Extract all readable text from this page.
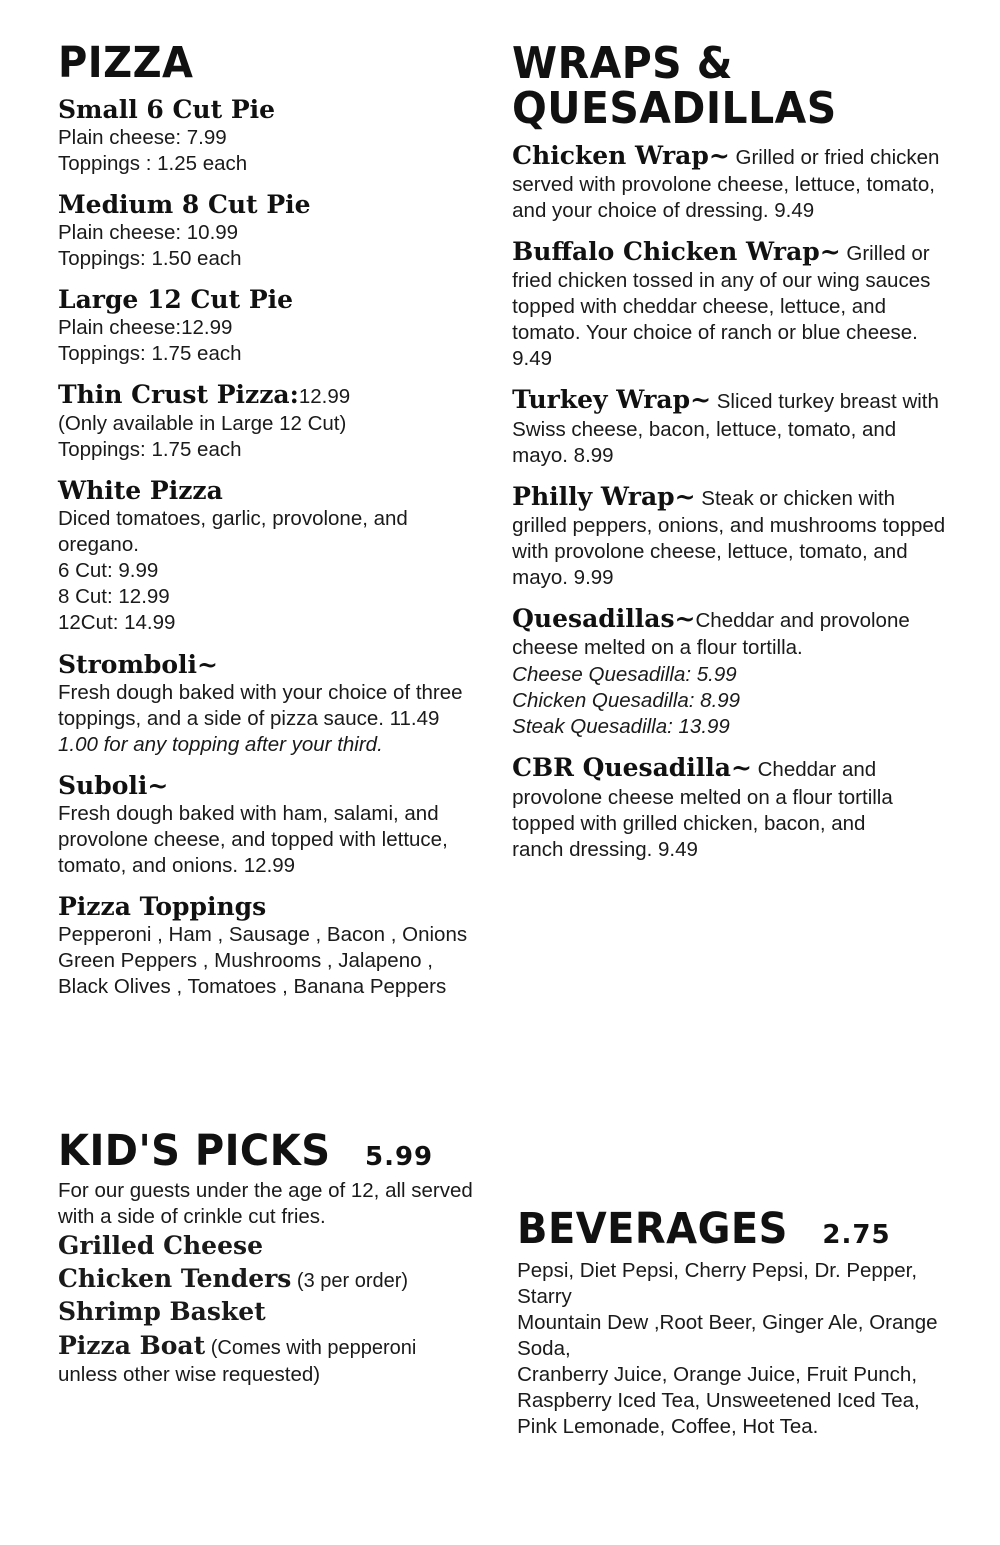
PIZZA
Small 6 Cut Pie
Plain cheese: 7.99
Toppings : 1.25 each
Medium 8 Cut Pie
Plain cheese: 10.99
Toppings: 1.50 each
Large 12 Cut Pie
Plain cheese:12.99
Toppings: 1.75 each
Thin Crust Pizza:12.99
(Only available in Large 12 Cut)
Toppings: 1.75 each
White Pizza
Diced tomatoes, garlic, provolone, and oregano.
6 Cut: 9.99
8 Cut: 12.99
12Cut: 14.99
Stromboli~
Fresh dough baked with your choice of three
toppings, and a side of pizza sauce. 11.49
1.00 for any topping after your third.
Suboli~
Fresh dough baked with ham, salami, and
provolone cheese, and topped with lettuce,
tomato, and onions. 12.99
Pizza Toppings
Pepperoni , Ham , Sausage , Bacon , Onions
Green Peppers , Mushrooms , Jalapeno ,
Black Olives , Tomatoes , Banana Peppers
WRAPS & QUESADILLAS
Chicken Wrap~ Grilled or fried chicken
served with provolone cheese, lettuce, tomato,
and your choice of dressing. 9.49
Buffalo Chicken Wrap~ Grilled or
fried chicken tossed in any of our wing sauces
topped with cheddar cheese, lettuce, and
tomato. Your choice of ranch or blue cheese. 9.49
Turkey Wrap~ Sliced turkey breast with
Swiss cheese, bacon, lettuce, tomato, and
mayo. 8.99
Philly Wrap~ Steak or chicken with
grilled peppers, onions, and mushrooms topped
with provolone cheese, lettuce, tomato, and
mayo. 9.99
Quesadillas~Cheddar and provolone
cheese melted on a flour tortilla.
Cheese Quesadilla: 5.99
Chicken Quesadilla: 8.99
Steak Quesadilla: 13.99
CBR Quesadilla~ Cheddar and
provolone cheese melted on a flour tortilla
topped with grilled chicken, bacon, and
ranch dressing. 9.49
KID'S PICKS 5.99
For our guests under the age of 12, all served
with a side of crinkle cut fries.
Grilled Cheese
Chicken Tenders (3 per order)
Shrimp Basket
Pizza Boat (Comes with pepperoni
unless other wise requested)
BEVERAGES 2.75
Pepsi, Diet Pepsi, Cherry Pepsi, Dr. Pepper, Starry
Mountain Dew ,Root Beer, Ginger Ale, Orange Soda,
Cranberry Juice, Orange Juice, Fruit Punch,
Raspberry Iced Tea, Unsweetened Iced Tea,
Pink Lemonade, Coffee, Hot Tea.
